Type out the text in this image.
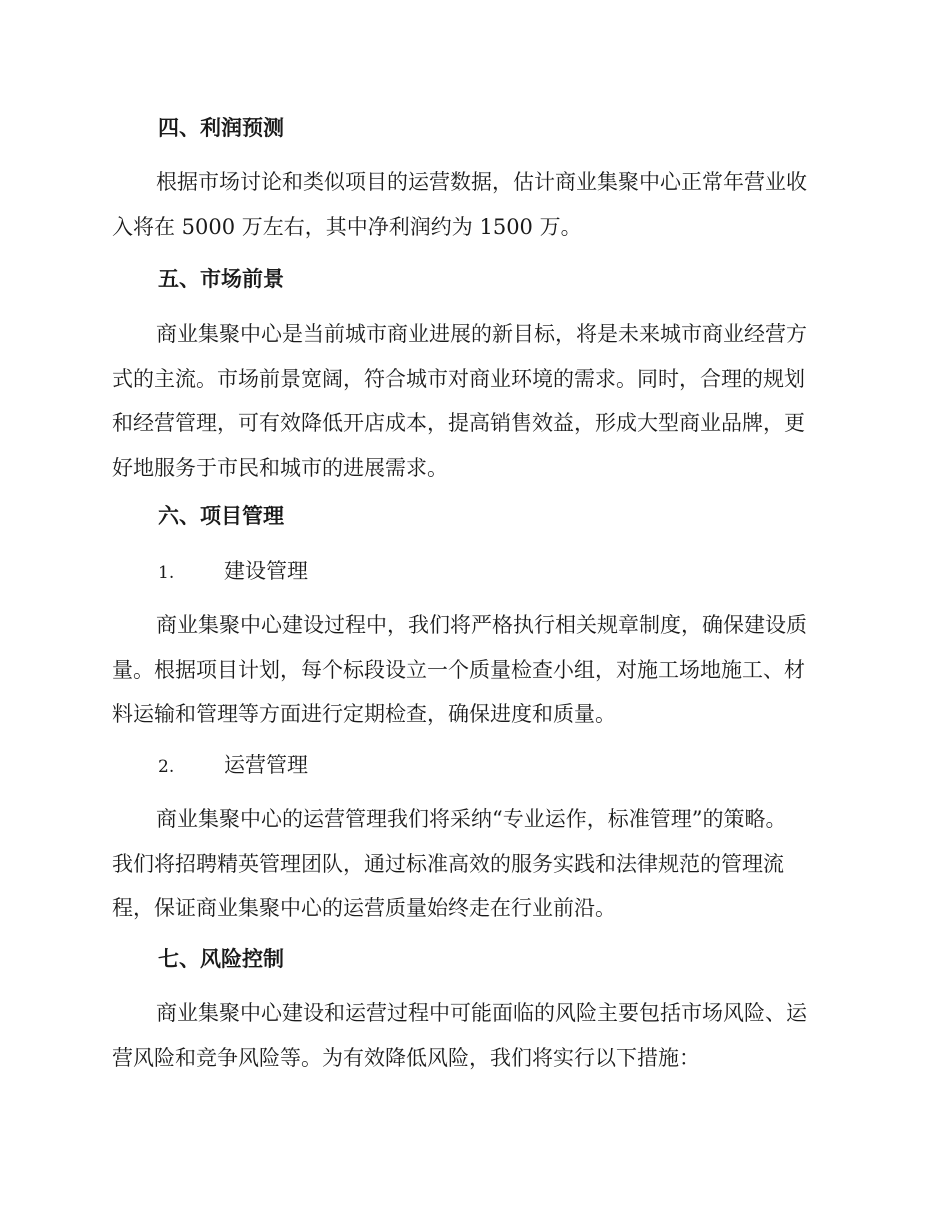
四、利润预测
根据市场讨论和类似项目的运营数据，估计商业集聚中心正常年营业收
入将在 5000 万左右，其中净利润约为 1500 万。
五、市场前景
商业集聚中心是当前城市商业进展的新目标，将是未来城市商业经营方
式的主流。市场前景宽阔，符合城市对商业环境的需求。同时，合理的规划
和经营管理，可有效降低开店成本，提高销售效益，形成大型商业品牌，更
好地服务于市民和城市的进展需求。
六、项目管理
1. 建设管理
商业集聚中心建设过程中，我们将严格执行相关规章制度，确保建设质
量。根据项目计划，每个标段设立一个质量检查小组，对施工场地施工、材
料运输和管理等方面进行定期检查，确保进度和质量。
2. 运营管理
商业集聚中心的运营管理我们将采纳“专业运作，标准管理”的策略。
我们将招聘精英管理团队，通过标准高效的服务实践和法律规范的管理流
程，保证商业集聚中心的运营质量始终走在行业前沿。
七、风险控制
商业集聚中心建设和运营过程中可能面临的风险主要包括市场风险、运
营风险和竞争风险等。为有效降低风险，我们将实行以下措施：
